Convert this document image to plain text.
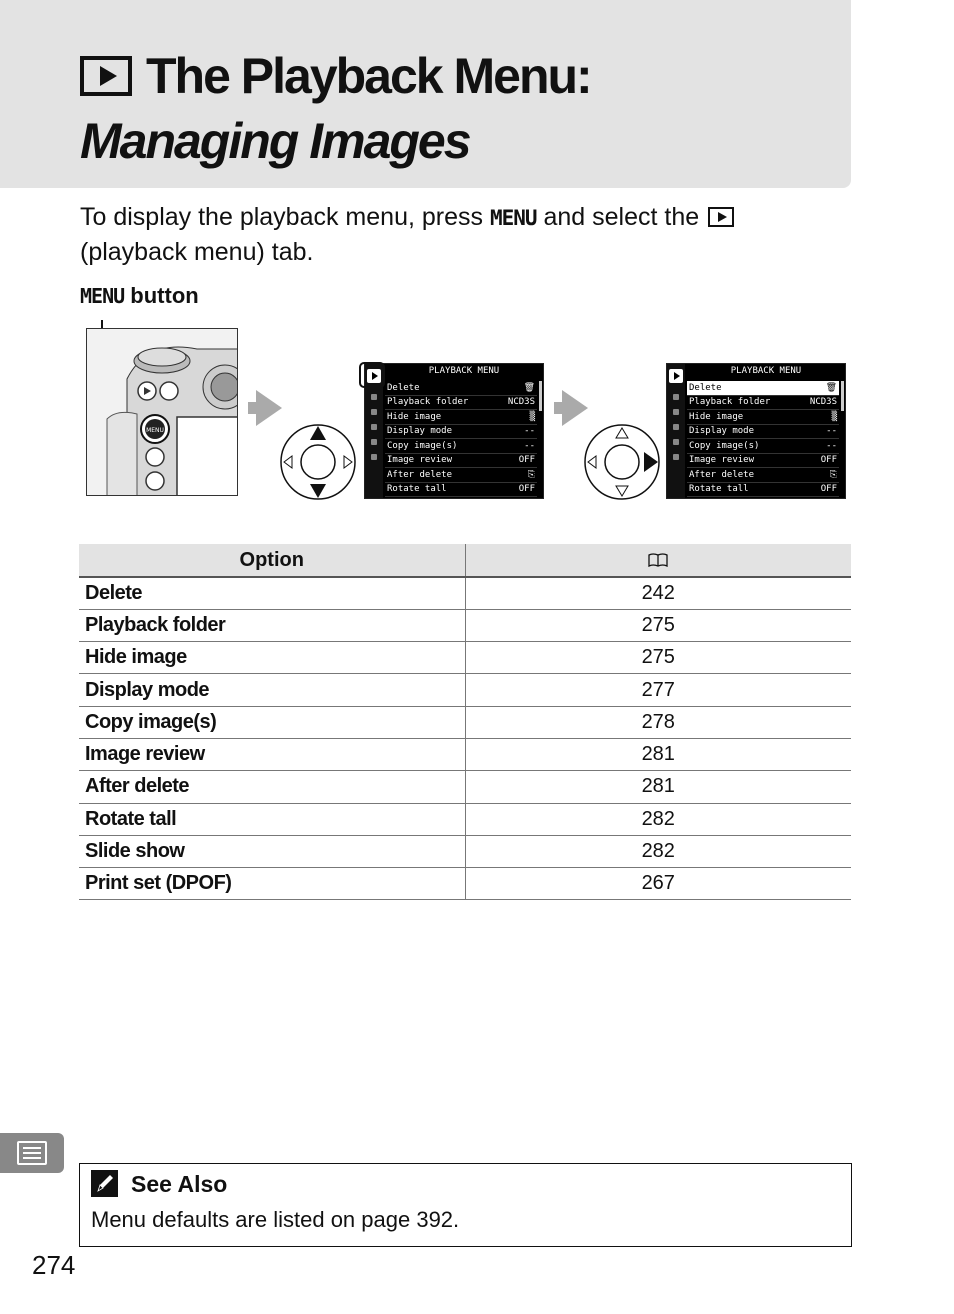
The Playback Menu:
Managing Images

To display the playback menu, press MENU and select the  (playback menu) tab.

MENU button
MENU
PLAYBACK MENU
Delete	🗑
Playback folder	NCD3S
Hide image	▒
Display mode	--
Copy image(s)	--
Image review	OFF
After delete	⎘
Rotate tall	OFF
PLAYBACK MENU
Delete	🗑
Playback folder	NCD3S
Hide image	▒
Display mode	--
Copy image(s)	--
Image review	OFF
After delete	⎘
Rotate tall	OFF
Option	
Delete	242
Playback folder	275
Hide image	275
Display mode	277
Copy image(s)	278
Image review	281
After delete	281
Rotate tall	282
Slide show	282
Print set (DPOF)	267
See Also
Menu defaults are listed on page 392.
274
